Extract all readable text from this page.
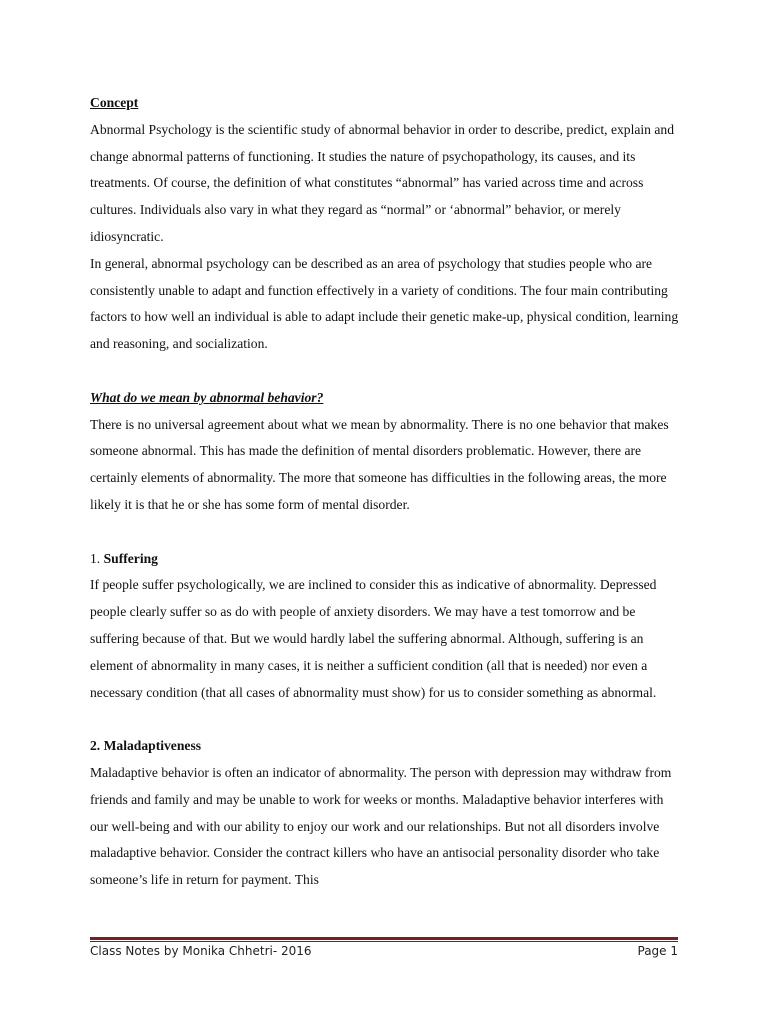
Concept

Abnormal Psychology is the scientific study of abnormal behavior in order to describe, predict, explain and change abnormal patterns of functioning. It studies the nature of psychopathology, its causes, and its treatments. Of course, the definition of what constitutes “abnormal” has varied across time and across cultures. Individuals also vary in what they regard as “normal” or ‘abnormal” behavior, or merely idiosyncratic.

In general, abnormal psychology can be described as an area of psychology that studies people who are consistently unable to adapt and function effectively in a variety of conditions. The four main contributing factors to how well an individual is able to adapt include their genetic make-up, physical condition, learning and reasoning, and socialization.

What do we mean by abnormal behavior?

There is no universal agreement about what we mean by abnormality. There is no one behavior that makes someone abnormal. This has made the definition of mental disorders problematic. However, there are certainly elements of abnormality. The more that someone has difficulties in the following areas, the more likely it is that he or she has some form of mental disorder.

1. Suffering

If people suffer psychologically, we are inclined to consider this as indicative of abnormality. Depressed people clearly suffer so as do with people of anxiety disorders. We may have a test tomorrow and be suffering because of that. But we would hardly label the suffering abnormal. Although, suffering is an element of abnormality in many cases, it is neither a sufficient condition (all that is needed) nor even a necessary condition (that all cases of abnormality must show) for us to consider something as abnormal.

2. Maladaptiveness

Maladaptive behavior is often an indicator of abnormality. The person with depression may withdraw from friends and family and may be unable to work for weeks or months. Maladaptive behavior interferes with our well-being and with our ability to enjoy our work and our relationships. But not all disorders involve maladaptive behavior. Consider the contract killers who have an antisocial personality disorder who take someone’s life in return for payment. This

Class Notes by Monika Chhetri- 2016	Page 1
